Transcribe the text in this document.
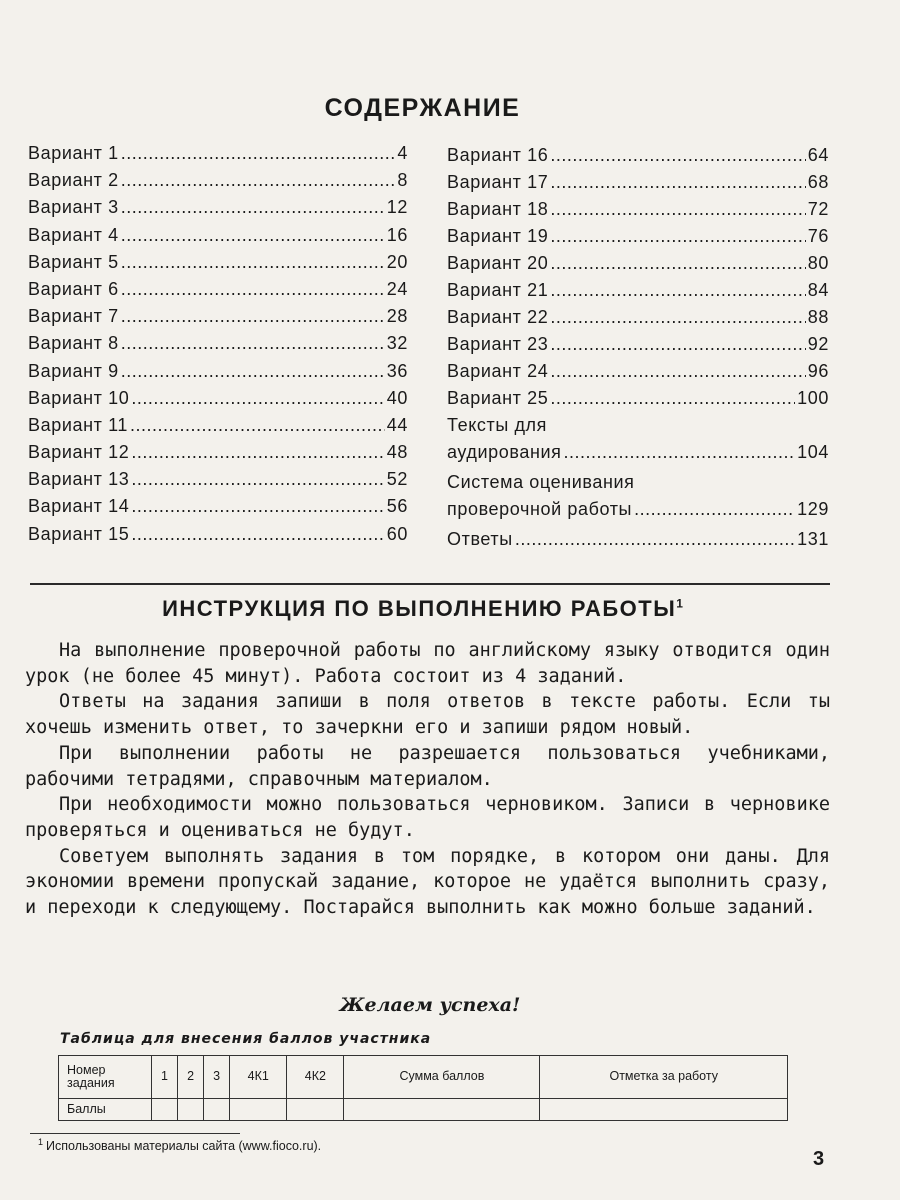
СОДЕРЖАНИЕ
Вариант 1 .....	4
Вариант 2 .....	8
Вариант 3 .....	12
Вариант 4 .....	16
Вариант 5 .....	20
Вариант 6 .....	24
Вариант 7 .....	28
Вариант 8 .....	32
Вариант 9 .....	36
Вариант 10 .....	40
Вариант 11 .....	44
Вариант 12 .....	48
Вариант 13 .....	52
Вариант 14 .....	56
Вариант 15 .....	60
Вариант 16 .....	64
Вариант 17 .....	68
Вариант 18 .....	72
Вариант 19 .....	76
Вариант 20 .....	80
Вариант 21 .....	84
Вариант 22 .....	88
Вариант 23 .....	92
Вариант 24 .....	96
Вариант 25 .....	100
Тексты для
аудирования .....	104
Система оценивания
проверочной работы .....	129
Ответы .....	131
ИНСТРУКЦИЯ ПО ВЫПОЛНЕНИЮ РАБОТЫ$^1$

На выполнение проверочной работы по английскому языку отводится один урок (не более 45 минут). Работа состоит из 4 заданий.

Ответы на задания запиши в поля ответов в тексте работы. Если ты хочешь изменить ответ, то зачеркни его и запиши рядом новый.

При выполнении работы не разрешается пользоваться учебниками, рабочими тетрадями, справочным материалом.

При необходимости можно пользоваться черновиком. Записи в черновике проверяться и оцениваться не будут.

Советуем выполнять задания в том порядке, в котором они даны. Для экономии времени пропускай задание, которое не удаётся выполнить сразу, и переходи к следующему. Постарайся выполнить как можно больше заданий.

Желаем успеха!
Таблица для внесения баллов участника
Номер задания	1	2	3	4К1	4К2	Сумма баллов	Отметка за работу
Баллы							
$^1$ Использованы материалы сайта (www.fioco.ru).
3
